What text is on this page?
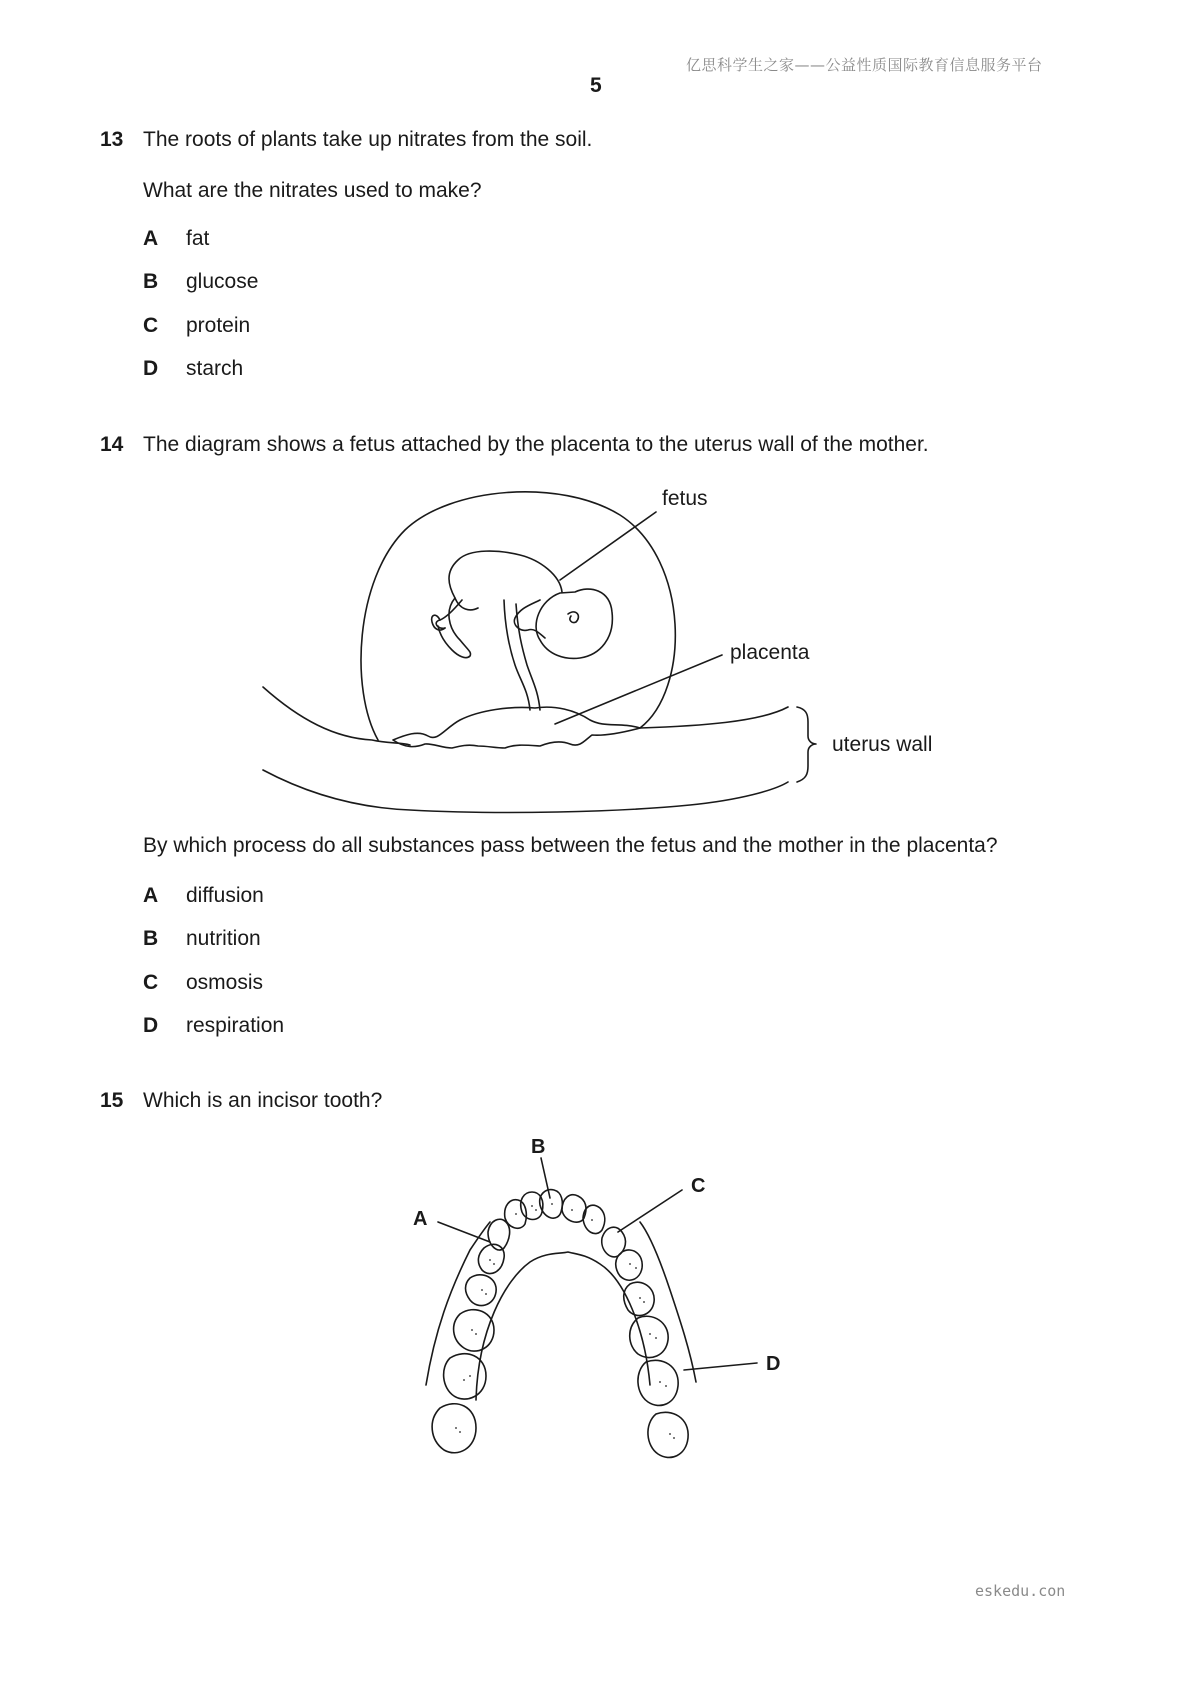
亿思科学生之家——公益性质国际教育信息服务平台
5
13 The roots of plants take up nitrates from the soil.
What are the nitrates used to make?
A fat
B glucose
C protein
D starch
14 The diagram shows a fetus attached by the placenta to the uterus wall of the mother.
fetus
placenta
uterus wall
By which process do all substances pass between the fetus and the mother in the placenta?
A diffusion
B nutrition
C osmosis
D respiration
15 Which is an incisor tooth?
A
B
C
D
eskedu.con
